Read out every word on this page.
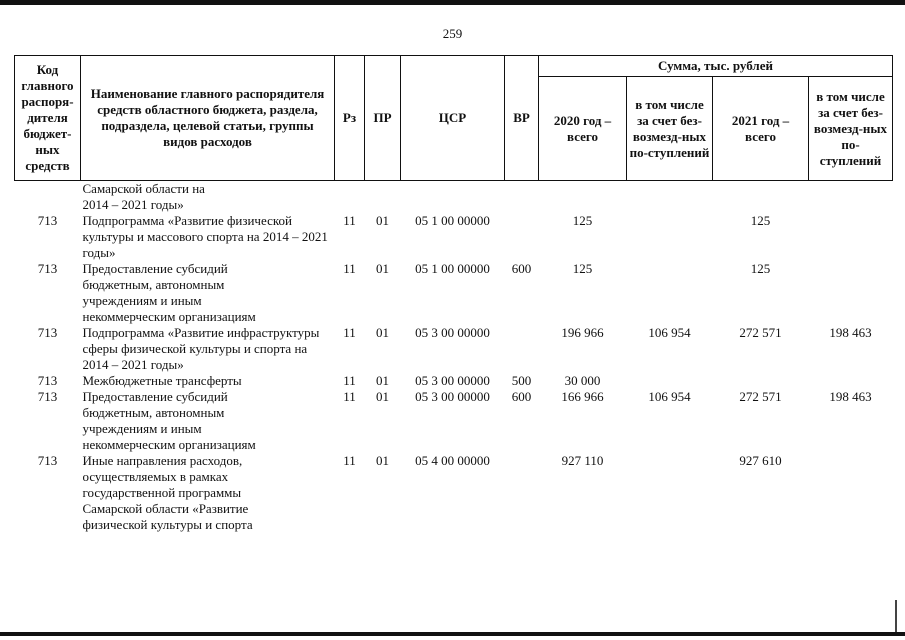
259
Код главного распоря-дителя бюджет-ных средств	Наименование главного распорядителя средств областного бюджета, раздела, подраздела, целевой статьи, группы видов расходов	Рз	ПР	ЦСР	ВР	Сумма, тыс. рублей			
						2020 год – всего	в том числе за счет без-возмезд-ных по-ступлений	2021 год – всего	в том числе за счет без-возмезд-ных по-ступлений

	Самарской области на 2014 – 2021 годы»								

713	Подпрограмма «Развитие физической культуры и массового спорта на 2014 – 2021 годы»	11	01	05 1 00 00000		125		125	
713	Предоставление субсидий бюджетным, автономным учреждениям и иным некоммерческим организациям	11	01	05 1 00 00000	600	125		125	
713	Подпрограмма «Развитие инфраструктуры сферы физической культуры и спорта на 2014 – 2021 годы»	11	01	05 3 00 00000		196 966	106 954	272 571	198 463
713	Межбюджетные трансферты	11	01	05 3 00 00000	500	30 000			
713	Предоставление субсидий бюджетным, автономным учреждениям и иным некоммерческим организациям	11	01	05 3 00 00000	600	166 966	106 954	272 571	198 463
713	Иные направления расходов, осуществляемых в рамках государственной программы Самарской области «Развитие физической культуры и спорта	11	01	05 4 00 00000		927 110		927 610	
